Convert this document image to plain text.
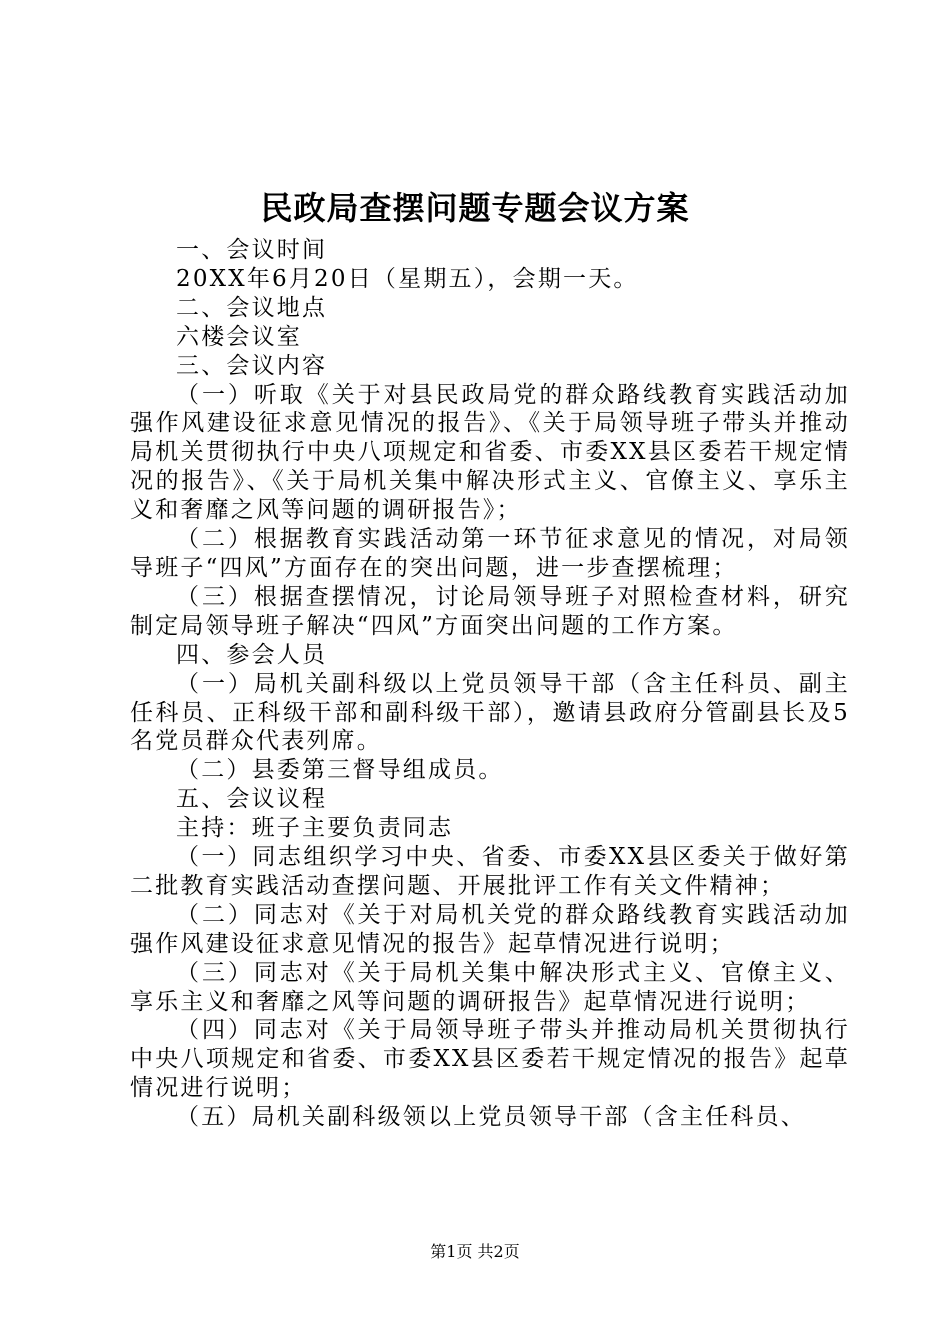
民政局查摆问题专题会议方案

一、会议时间

20XX年6月20日（星期五），会期一天。

二、会议地点

六楼会议室

三、会议内容

（一）听取《关于对县民政局党的群众路线教育实践活动加强作风建设征求意见情况的报告》、《关于局领导班子带头并推动局机关贯彻执行中央八项规定和省委、市委XX县区委若干规定情况的报告》、《关于局机关集中解决形式主义、官僚主义、享乐主义和奢靡之风等问题的调研报告》；

（二）根据教育实践活动第一环节征求意见的情况，对局领导班子“四风”方面存在的突出问题，进一步查摆梳理；

（三）根据查摆情况，讨论局领导班子对照检查材料，研究制定局领导班子解决“四风”方面突出问题的工作方案。

四、参会人员

（一）局机关副科级以上党员领导干部（含主任科员、副主任科员、正科级干部和副科级干部），邀请县政府分管副县长及5名党员群众代表列席。

（二）县委第三督导组成员。

五、会议议程

主持：班子主要负责同志

（一）同志组织学习中央、省委、市委XX县区委关于做好第二批教育实践活动查摆问题、开展批评工作有关文件精神；

（二）同志对《关于对局机关党的群众路线教育实践活动加强作风建设征求意见情况的报告》起草情况进行说明；

（三）同志对《关于局机关集中解决形式主义、官僚主义、享乐主义和奢靡之风等问题的调研报告》起草情况进行说明；

（四）同志对《关于局领导班子带头并推动局机关贯彻执行中央八项规定和省委、市委XX县区委若干规定情况的报告》起草情况进行说明；

（五）局机关副科级领以上党员领导干部（含主任科员、

第1页 共2页
